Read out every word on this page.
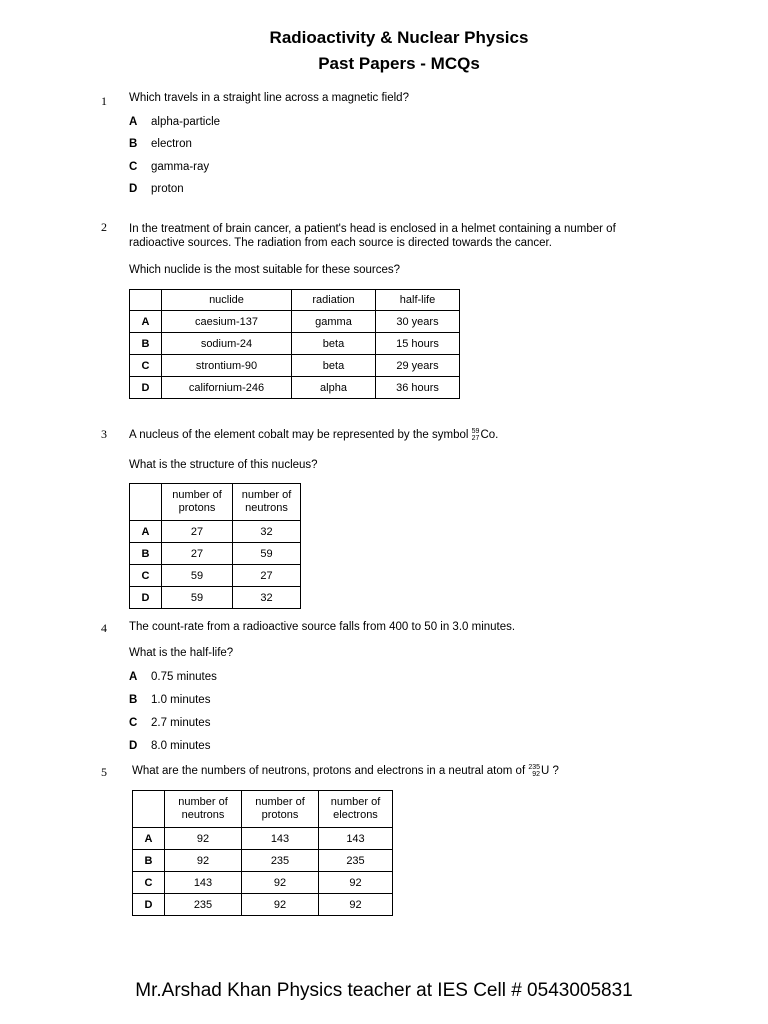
Radioactivity & Nuclear Physics
Past Papers - MCQs
1 Which travels in a straight line across a magnetic field?
A alpha-particle
B electron
C gamma-ray
D proton
2 In the treatment of brain cancer, a patient's head is enclosed in a helmet containing a number of radioactive sources. The radiation from each source is directed towards the cancer.
Which nuclide is the most suitable for these sources?
	nuclide	radiation	half-life
A	caesium-137	gamma	30 years
B	sodium-24	beta	15 hours
C	strontium-90	beta	29 years
D	californium-246	alpha	36 hours
3 A nucleus of the element cobalt may be represented by the symbol 59
27 Co.
What is the structure of this nucleus?
	number of protons	number of neutrons
A	27	32
B	27	59
C	59	27
D	59	32
4 The count-rate from a radioactive source falls from 400 to 50 in 3.0 minutes.
What is the half-life?
A 0.75 minutes
B 1.0 minutes
C 2.7 minutes
D 8.0 minutes
5 What are the numbers of neutrons, protons and electrons in a neutral atom of 235
92 U ?
	number of neutrons	number of protons	number of electrons
A	92	143	143
B	92	235	235
C	143	92	92
D	235	92	92
Mr.Arshad Khan Physics teacher at IES Cell # 0543005831
